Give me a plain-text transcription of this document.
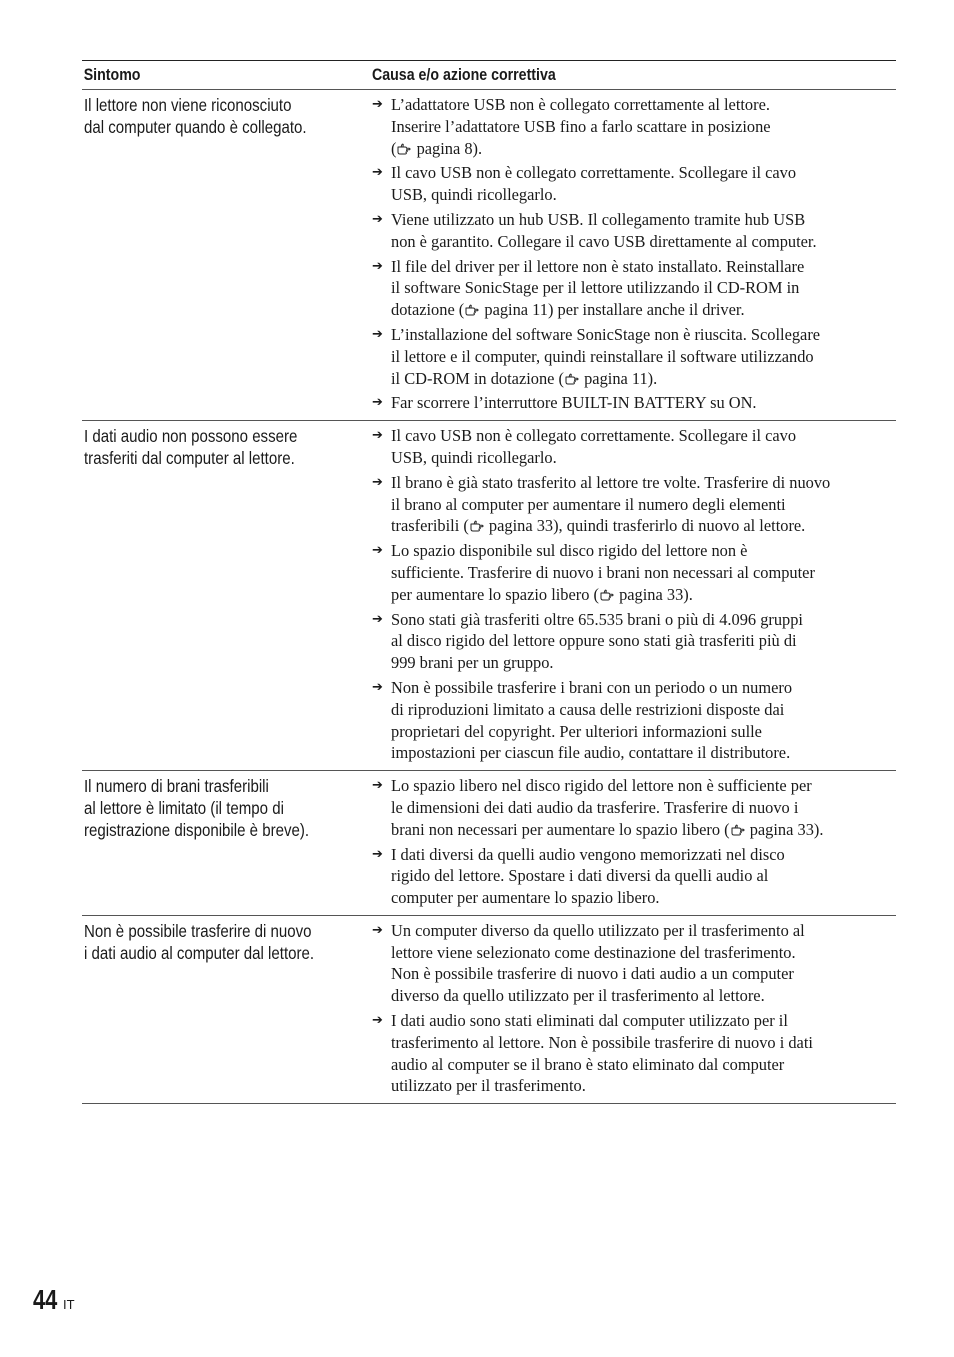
Sintomo	Causa e/o azione correttiva
Il lettore non viene riconosciuto
dal computer quando è collegato.
➔ L’adattatore USB non è collegato correttamente al lettore.
Inserire l’adattatore USB fino a farlo scattare in posizione
( pagina 8).
➔ Il cavo USB non è collegato correttamente. Scollegare il cavo
USB, quindi ricollegarlo.
➔ Viene utilizzato un hub USB. Il collegamento tramite hub USB
non è garantito. Collegare il cavo USB direttamente al computer.
➔ Il file del driver per il lettore non è stato installato. Reinstallare
il software SonicStage per il lettore utilizzando il CD-ROM in
dotazione ( pagina 11) per installare anche il driver.
➔ L’installazione del software SonicStage non è riuscita. Scollegare
il lettore e il computer, quindi reinstallare il software utilizzando
il CD-ROM in dotazione ( pagina 11).
➔ Far scorrere l’interruttore BUILT-IN BATTERY su ON.
I dati audio non possono essere
trasferiti dal computer al lettore.
➔ Il cavo USB non è collegato correttamente. Scollegare il cavo
USB, quindi ricollegarlo.
➔ Il brano è già stato trasferito al lettore tre volte. Trasferire di nuovo
il brano al computer per aumentare il numero degli elementi
trasferibili ( pagina 33), quindi trasferirlo di nuovo al lettore.
➔ Lo spazio disponibile sul disco rigido del lettore non è
sufficiente. Trasferire di nuovo i brani non necessari al computer
per aumentare lo spazio libero ( pagina 33).
➔ Sono stati già trasferiti oltre 65.535 brani o più di 4.096 gruppi
al disco rigido del lettore oppure sono stati già trasferiti più di
999 brani per un gruppo.
➔ Non è possibile trasferire i brani con un periodo o un numero
di riproduzioni limitato a causa delle restrizioni disposte dai
proprietari del copyright. Per ulteriori informazioni sulle
impostazioni per ciascun file audio, contattare il distributore.
Il numero di brani trasferibili
al lettore è limitato (il tempo di
registrazione disponibile è breve).
➔ Lo spazio libero nel disco rigido del lettore non è sufficiente per
le dimensioni dei dati audio da trasferire. Trasferire di nuovo i
brani non necessari per aumentare lo spazio libero ( pagina 33).
➔ I dati diversi da quelli audio vengono memorizzati nel disco
rigido del lettore. Spostare i dati diversi da quelli audio al
computer per aumentare lo spazio libero.
Non è possibile trasferire di nuovo
i dati audio al computer dal lettore.
➔ Un computer diverso da quello utilizzato per il trasferimento al
lettore viene selezionato come destinazione del trasferimento.
Non è possibile trasferire di nuovo i dati audio a un computer
diverso da quello utilizzato per il trasferimento al lettore.
➔ I dati audio sono stati eliminati dal computer utilizzato per il
trasferimento al lettore. Non è possibile trasferire di nuovo i dati
audio al computer se il brano è stato eliminato dal computer
utilizzato per il trasferimento.
44 IT
